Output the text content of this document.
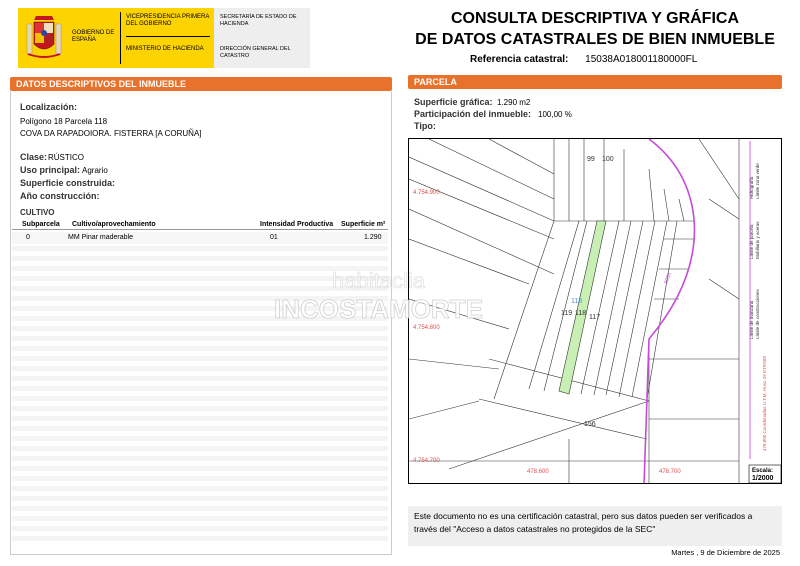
GOBIERNO DE ESPAÑA
VICEPRESIDENCIA PRIMERA DEL GOBIERNO
MINISTERIO DE HACIENDA
SECRETARÍA DE ESTADO DE HACIENDA
DIRECCIÓN GENERAL DEL CATASTRO
CONSULTA DESCRIPTIVA Y GRÁFICA
DE DATOS CATASTRALES DE BIEN INMUEBLE
Referencia catastral: 15038A018001180000FL
DATOS DESCRIPTIVOS DEL INMUEBLE	PARCELA
Localización:
Polígono 18 Parcela 118
COVA DA RAPADOIORA. FISTERRA [A CORUÑA]
Clase: RÚSTICO
Uso principal: Agrario
Superficie construida:
Año construcción:
CULTIVO
Subparcela Cultivo/aprovechamiento	Intensidad Productiva Superficie m²
0	MM Pinar maderable	01	1.290
Superficie gráfica: 1.290 m2
Participación del inmueble: 100,00 %
Tipo:
4.754.900
4.754.800
4.754.700
478.600	478.700
99 100
118
118
119
117
156
9006
Límite zona verde
Hidrografía
Límite de parcela Mobiliario y aceras
Límite de manzana Límite de construcciones
478.800 Coordenadas U.T.M. Huso 29 ETRS89
Escala:
1/2000
habitaclia
INCOSTAMORTE
Este documento no es una certificación catastral, pero sus datos pueden ser verificados a través del "Acceso a datos catastrales no protegidos de la SEC"
Martes , 9 de Diciembre de 2025
